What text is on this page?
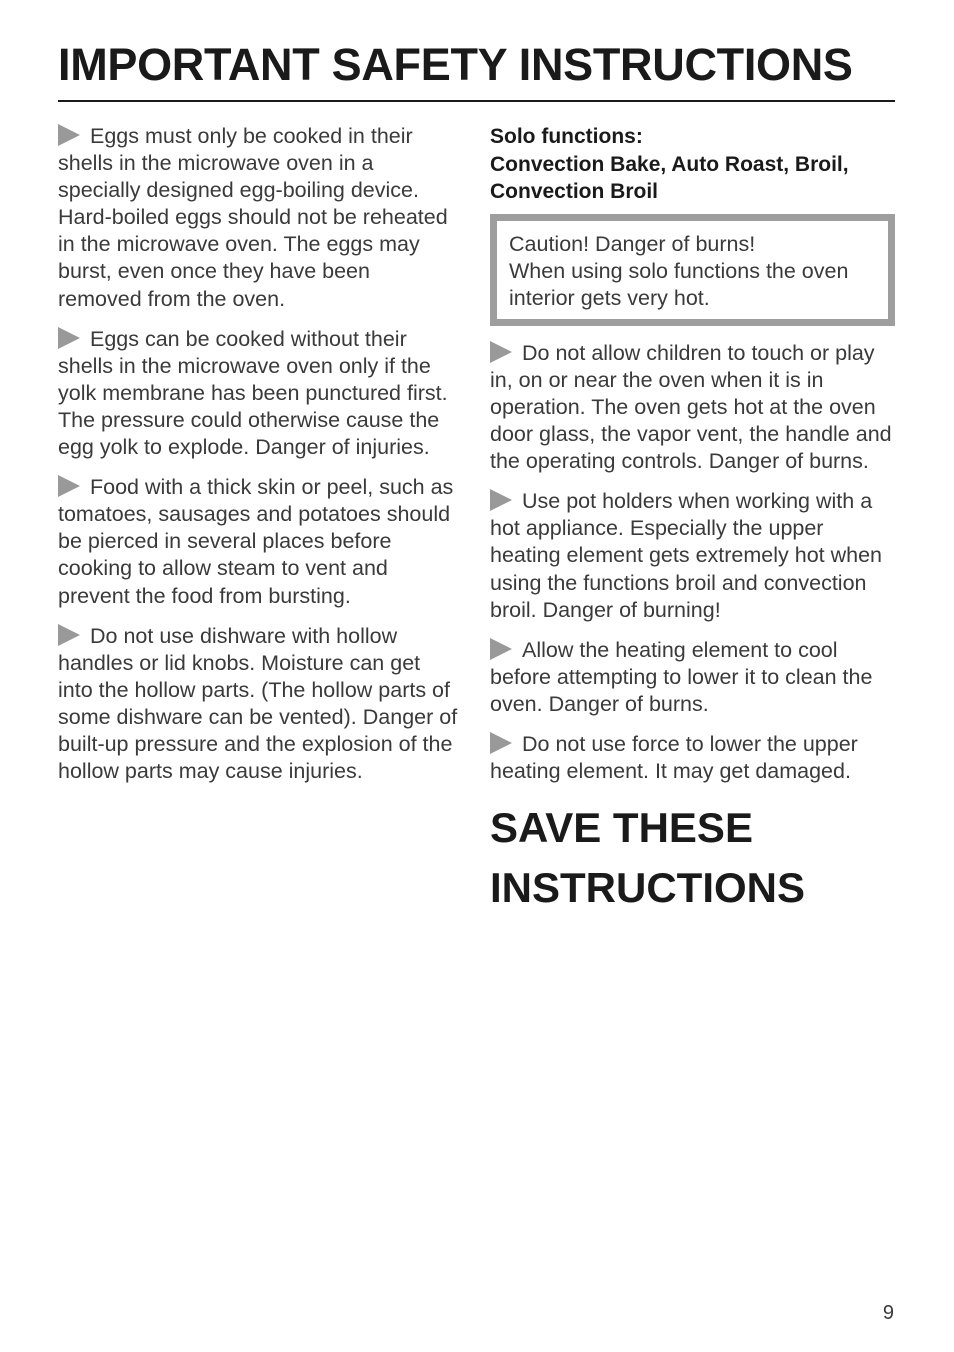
IMPORTANT SAFETY INSTRUCTIONS

Eggs must only be cooked in their shells in the microwave oven in a specially designed egg-boiling device. Hard-boiled eggs should not be reheated in the microwave oven. The eggs may burst, even once they have been removed from the oven.

Eggs can be cooked without their shells in the microwave oven only if the yolk membrane has been punctured first. The pressure could otherwise cause the egg yolk to explode. Danger of injuries.

Food with a thick skin or peel, such as tomatoes, sausages and potatoes should be pierced in several places before cooking to allow steam to vent and prevent the food from bursting.

Do not use dishware with hollow handles or lid knobs. Moisture can get into the hollow parts. (The hollow parts of some dishware can be vented). Danger of built-up pressure and the explosion of the hollow parts may cause injuries.

Solo functions:
Convection Bake, Auto Roast, Broil,
Convection Broil
Caution! Danger of burns!
When using solo functions the oven interior gets very hot.

Do not allow children to touch or play in, on or near the oven when it is in operation. The oven gets hot at the oven door glass, the vapor vent, the handle and the operating controls. Danger of burns.

Use pot holders when working with a hot appliance. Especially the upper heating element gets extremely hot when using the functions broil and convection broil. Danger of burning!

Allow the heating element to cool before attempting to lower it to clean the oven. Danger of burns.

Do not use force to lower the upper heating element. It may get damaged.

SAVE THESE
INSTRUCTIONS
9
